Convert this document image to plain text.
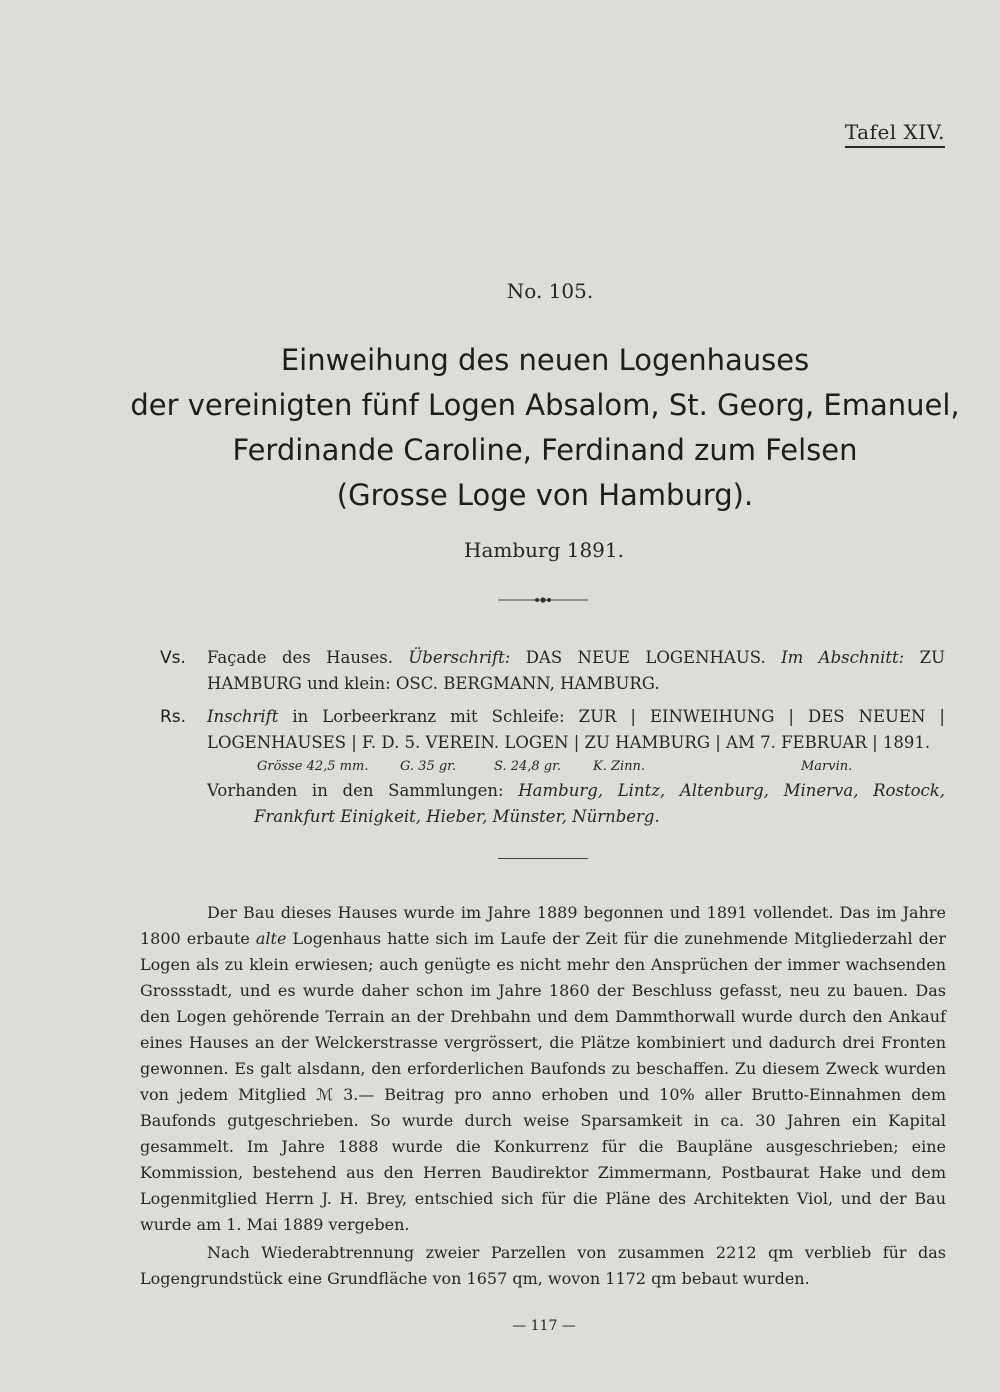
Tafel XIV.
No. 105.
Einweihung des neuen Logenhauses
der vereinigten fünf Logen Absalom, St. Georg, Emanuel,
Ferdinande Caroline, Ferdinand zum Felsen
(Grosse Loge von Hamburg).
Hamburg 1891.
Vs.	Façade des Hauses. Überschrift: DAS NEUE LOGENHAUS. Im Abschnitt: ZU HAMBURG und klein: OSC. BERGMANN, HAMBURG.
Rs.	Inschrift in Lorbeerkranz mit Schleife: ZUR | EINWEIHUNG | DES NEUEN | LOGENHAUSES | F. D. 5. VEREIN. LOGEN | ZU HAMBURG | AM 7. FEBRUAR | 1891.
Grösse 42,5 mm. G. 35 gr.	S. 24,8 gr. K. Zinn.	Marvin.
Vorhanden in den Sammlungen: Hamburg, Lintz, Altenburg, Minerva, Rostock,
Frankfurt Einigkeit, Hieber, Münster, Nürnberg.
Der Bau dieses Hauses wurde im Jahre 1889 begonnen und 1891 vollendet. Das im Jahre 1800 erbaute alte Logenhaus hatte sich im Laufe der Zeit für die zunehmende Mitgliederzahl der Logen als zu klein erwiesen; auch genügte es nicht mehr den Ansprüchen der immer wachsenden Grossstadt, und es wurde daher schon im Jahre 1860 der Beschluss gefasst, neu zu bauen. Das den Logen gehörende Terrain an der Drehbahn und dem Dammthorwall wurde durch den Ankauf eines Hauses an der Welckerstrasse vergrössert, die Plätze kombiniert und dadurch drei Fronten gewonnen. Es galt alsdann, den erforderlichen Baufonds zu beschaffen. Zu diesem Zweck wurden von jedem Mitglied ℳ 3.— Beitrag pro anno erhoben und 10% aller Brutto-Einnahmen dem Baufonds gutgeschrieben. So wurde durch weise Sparsamkeit in ca. 30 Jahren ein Kapital gesammelt. Im Jahre 1888 wurde die Konkurrenz für die Baupläne ausgeschrieben; eine Kommission, bestehend aus den Herren Baudirektor Zimmermann, Postbaurat Hake und dem Logenmitglied Herrn J. H. Brey, entschied sich für die Pläne des Architekten Viol, und der Bau wurde am 1. Mai 1889 vergeben.
Nach Wiederabtrennung zweier Parzellen von zusammen 2212 qm verblieb für das Logengrundstück eine Grundfläche von 1657 qm, wovon 1172 qm bebaut wurden.
— 117 —
